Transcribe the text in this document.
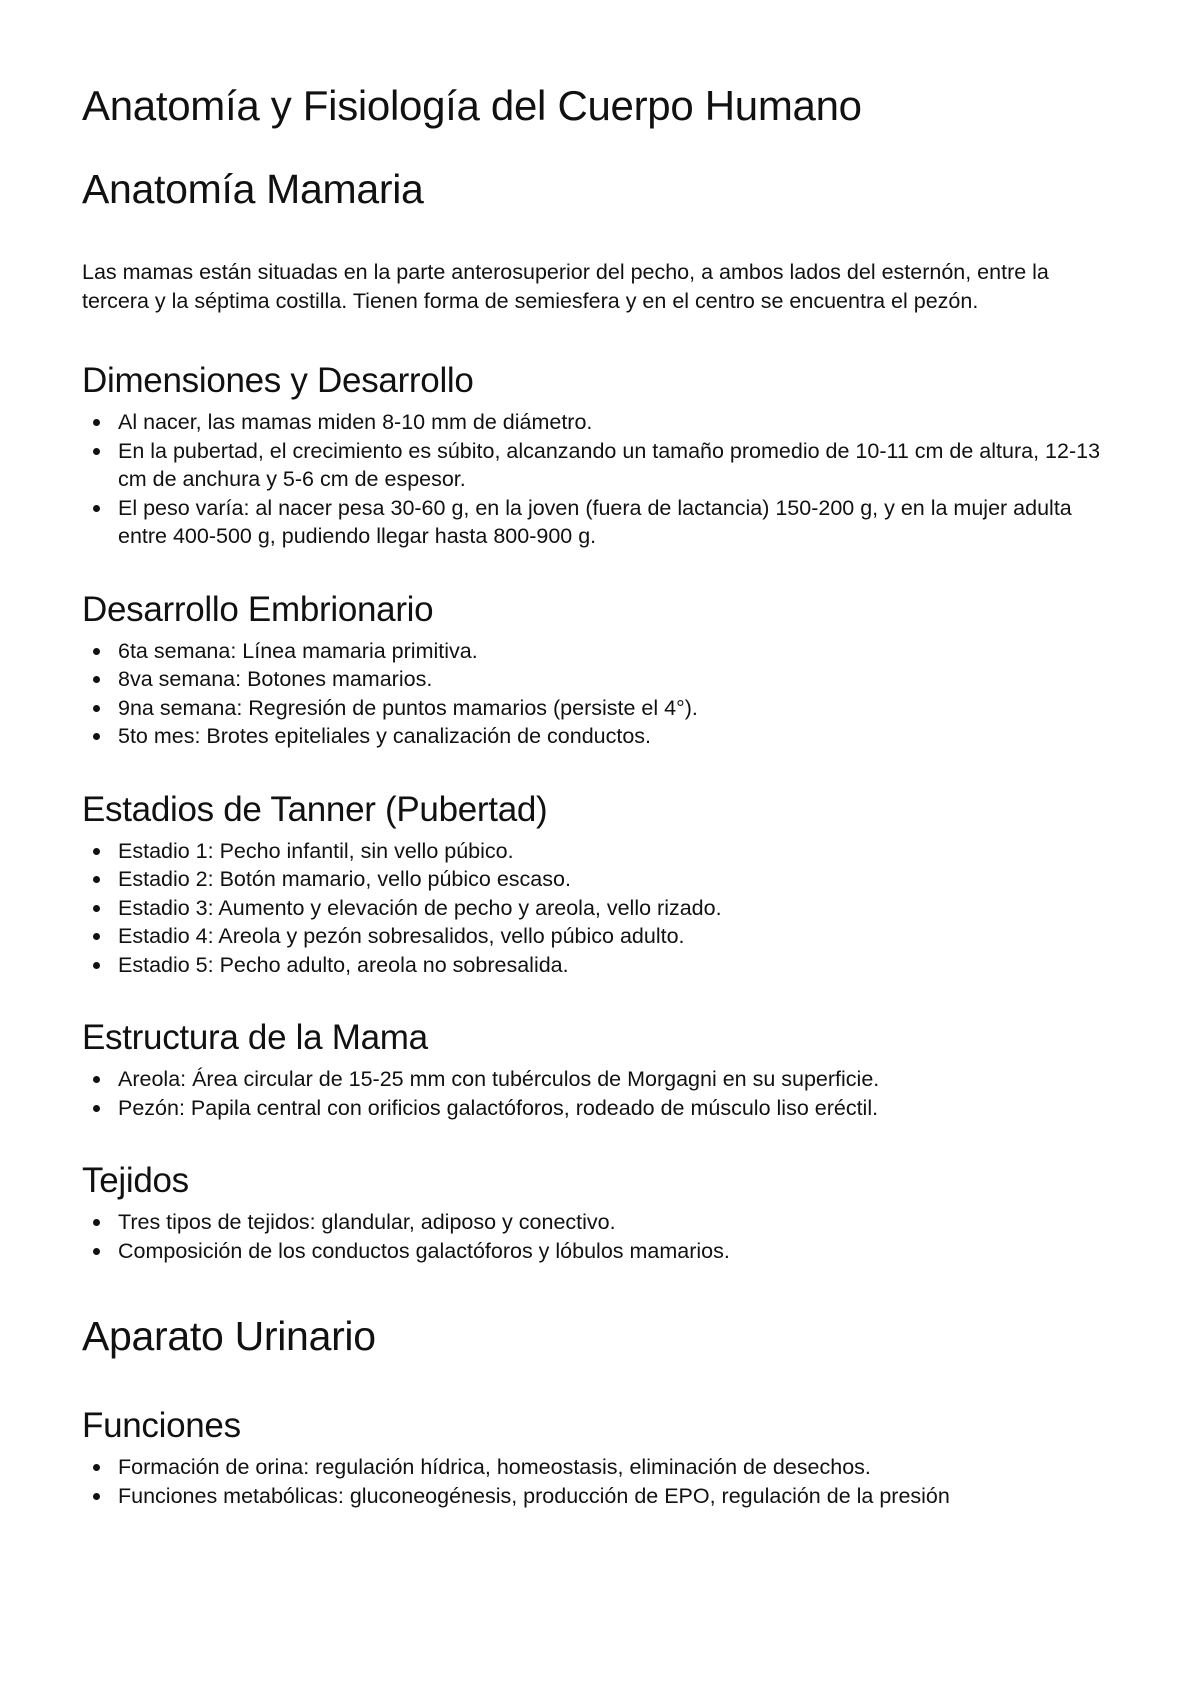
Anatomía y Fisiología del Cuerpo Humano
Anatomía Mamaria

Las mamas están situadas en la parte anterosuperior del pecho, a ambos lados del esternón, entre la tercera y la séptima costilla. Tienen forma de semiesfera y en el centro se encuentra el pezón.

Dimensiones y Desarrollo
Al nacer, las mamas miden 8-10 mm de diámetro.
En la pubertad, el crecimiento es súbito, alcanzando un tamaño promedio de 10-11 cm de altura, 12-13 cm de anchura y 5-6 cm de espesor.
El peso varía: al nacer pesa 30-60 g, en la joven (fuera de lactancia) 150-200 g, y en la mujer adulta entre 400-500 g, pudiendo llegar hasta 800-900 g.
Desarrollo Embrionario
6ta semana: Línea mamaria primitiva.
8va semana: Botones mamarios.
9na semana: Regresión de puntos mamarios (persiste el 4°).
5to mes: Brotes epiteliales y canalización de conductos.
Estadios de Tanner (Pubertad)
Estadio 1: Pecho infantil, sin vello púbico.
Estadio 2: Botón mamario, vello púbico escaso.
Estadio 3: Aumento y elevación de pecho y areola, vello rizado.
Estadio 4: Areola y pezón sobresalidos, vello púbico adulto.
Estadio 5: Pecho adulto, areola no sobresalida.
Estructura de la Mama
Areola: Área circular de 15-25 mm con tubérculos de Morgagni en su superficie.
Pezón: Papila central con orificios galactóforos, rodeado de músculo liso eréctil.
Tejidos
Tres tipos de tejidos: glandular, adiposo y conectivo.
Composición de los conductos galactóforos y lóbulos mamarios.
Aparato Urinario
Funciones
Formación de orina: regulación hídrica, homeostasis, eliminación de desechos.
Funciones metabólicas: gluconeogénesis, producción de EPO, regulación de la presión
